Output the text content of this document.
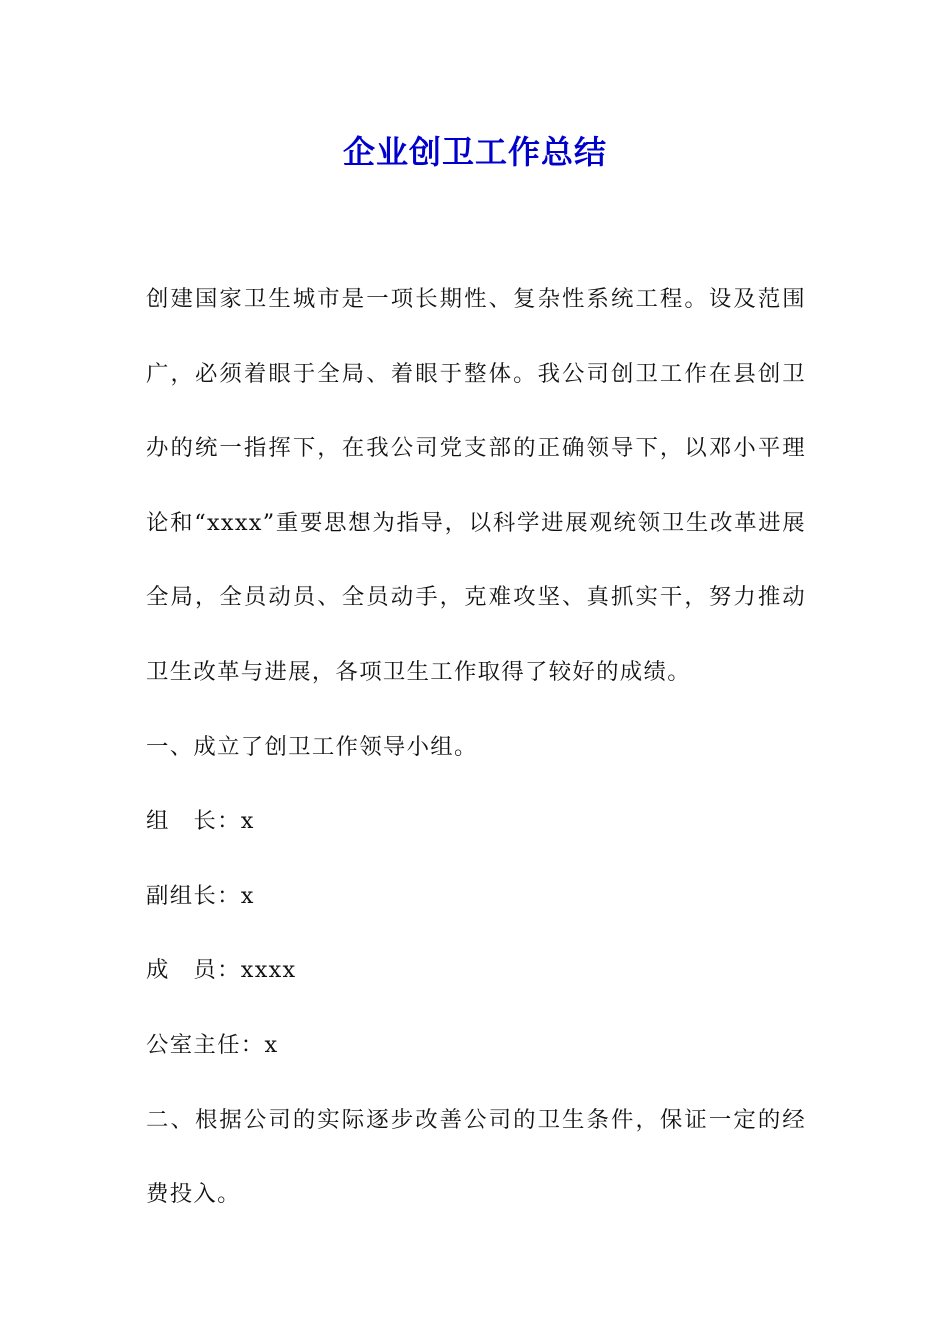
企业创卫工作总结

创建国家卫生城市是一项长期性、复杂性系统工程。设及范围广，必须着眼于全局、着眼于整体。我公司创卫工作在县创卫办的统一指挥下，在我公司党支部的正确领导下，以邓小平理论和“xxxx”重要思想为指导，以科学进展观统领卫生改革进展全局，全员动员、全员动手，克难攻坚、真抓实干，努力推动卫生改革与进展，各项卫生工作取得了较好的成绩。

一、成立了创卫工作领导小组。

组　长：x

副组长：x

成　员：xxxx

公室主任：x

二、根据公司的实际逐步改善公司的卫生条件，保证一定的经费投入。
